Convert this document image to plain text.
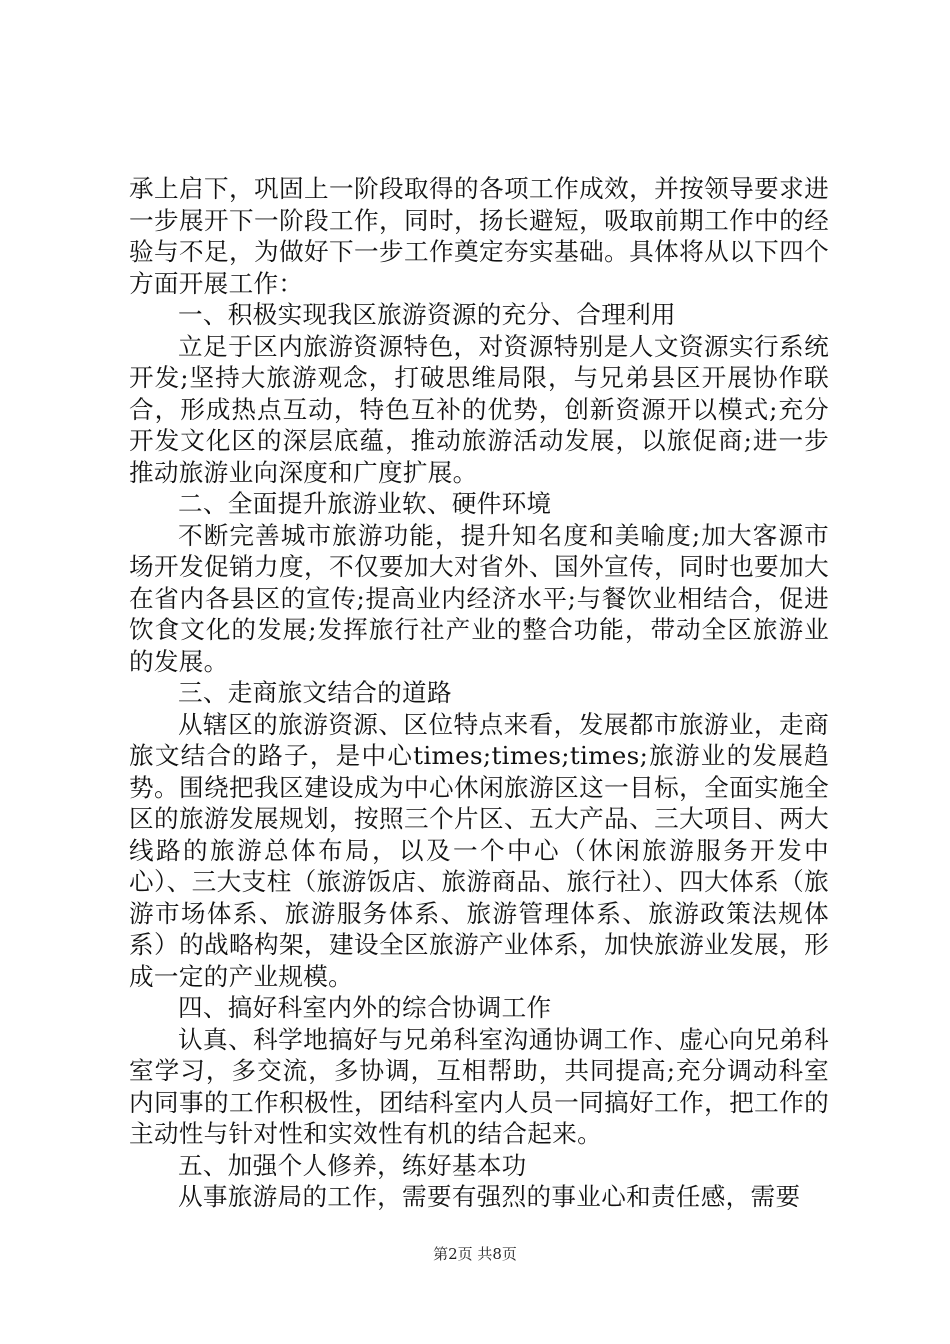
承上启下，巩固上一阶段取得的各项工作成效，并按领导要求进一步展开下一阶段工作，同时，扬长避短，吸取前期工作中的经验与不足，为做好下一步工作奠定夯实基础。具体将从以下四个方面开展工作：

一、积极实现我区旅游资源的充分、合理利用

立足于区内旅游资源特色，对资源特别是人文资源实行系统开发;坚持大旅游观念，打破思维局限，与兄弟县区开展协作联合，形成热点互动，特色互补的优势，创新资源开以模式;充分开发文化区的深层底蕴，推动旅游活动发展，以旅促商;进一步推动旅游业向深度和广度扩展。

二、全面提升旅游业软、硬件环境

不断完善城市旅游功能，提升知名度和美喻度;加大客源市场开发促销力度，不仅要加大对省外、国外宣传，同时也要加大在省内各县区的宣传;提高业内经济水平;与餐饮业相结合，促进饮食文化的发展;发挥旅行社产业的整合功能，带动全区旅游业的发展。

三、走商旅文结合的道路

从辖区的旅游资源、区位特点来看，发展都市旅游业，走商旅文结合的路子，是中心times;times;times;旅游业的发展趋势。围绕把我区建设成为中心休闲旅游区这一目标，全面实施全区的旅游发展规划，按照三个片区、五大产品、三大项目、两大线路的旅游总体布局，以及一个中心（休闲旅游服务开发中心）、三大支柱（旅游饭店、旅游商品、旅行社）、四大体系（旅游市场体系、旅游服务体系、旅游管理体系、旅游政策法规体系）的战略构架，建设全区旅游产业体系，加快旅游业发展，形成一定的产业规模。

四、搞好科室内外的综合协调工作

认真、科学地搞好与兄弟科室沟通协调工作、虚心向兄弟科室学习，多交流，多协调，互相帮助，共同提高;充分调动科室内同事的工作积极性，团结科室内人员一同搞好工作，把工作的主动性与针对性和实效性有机的结合起来。

五、加强个人修养，练好基本功

从事旅游局的工作，需要有强烈的事业心和责任感，需要

第2页 共8页
